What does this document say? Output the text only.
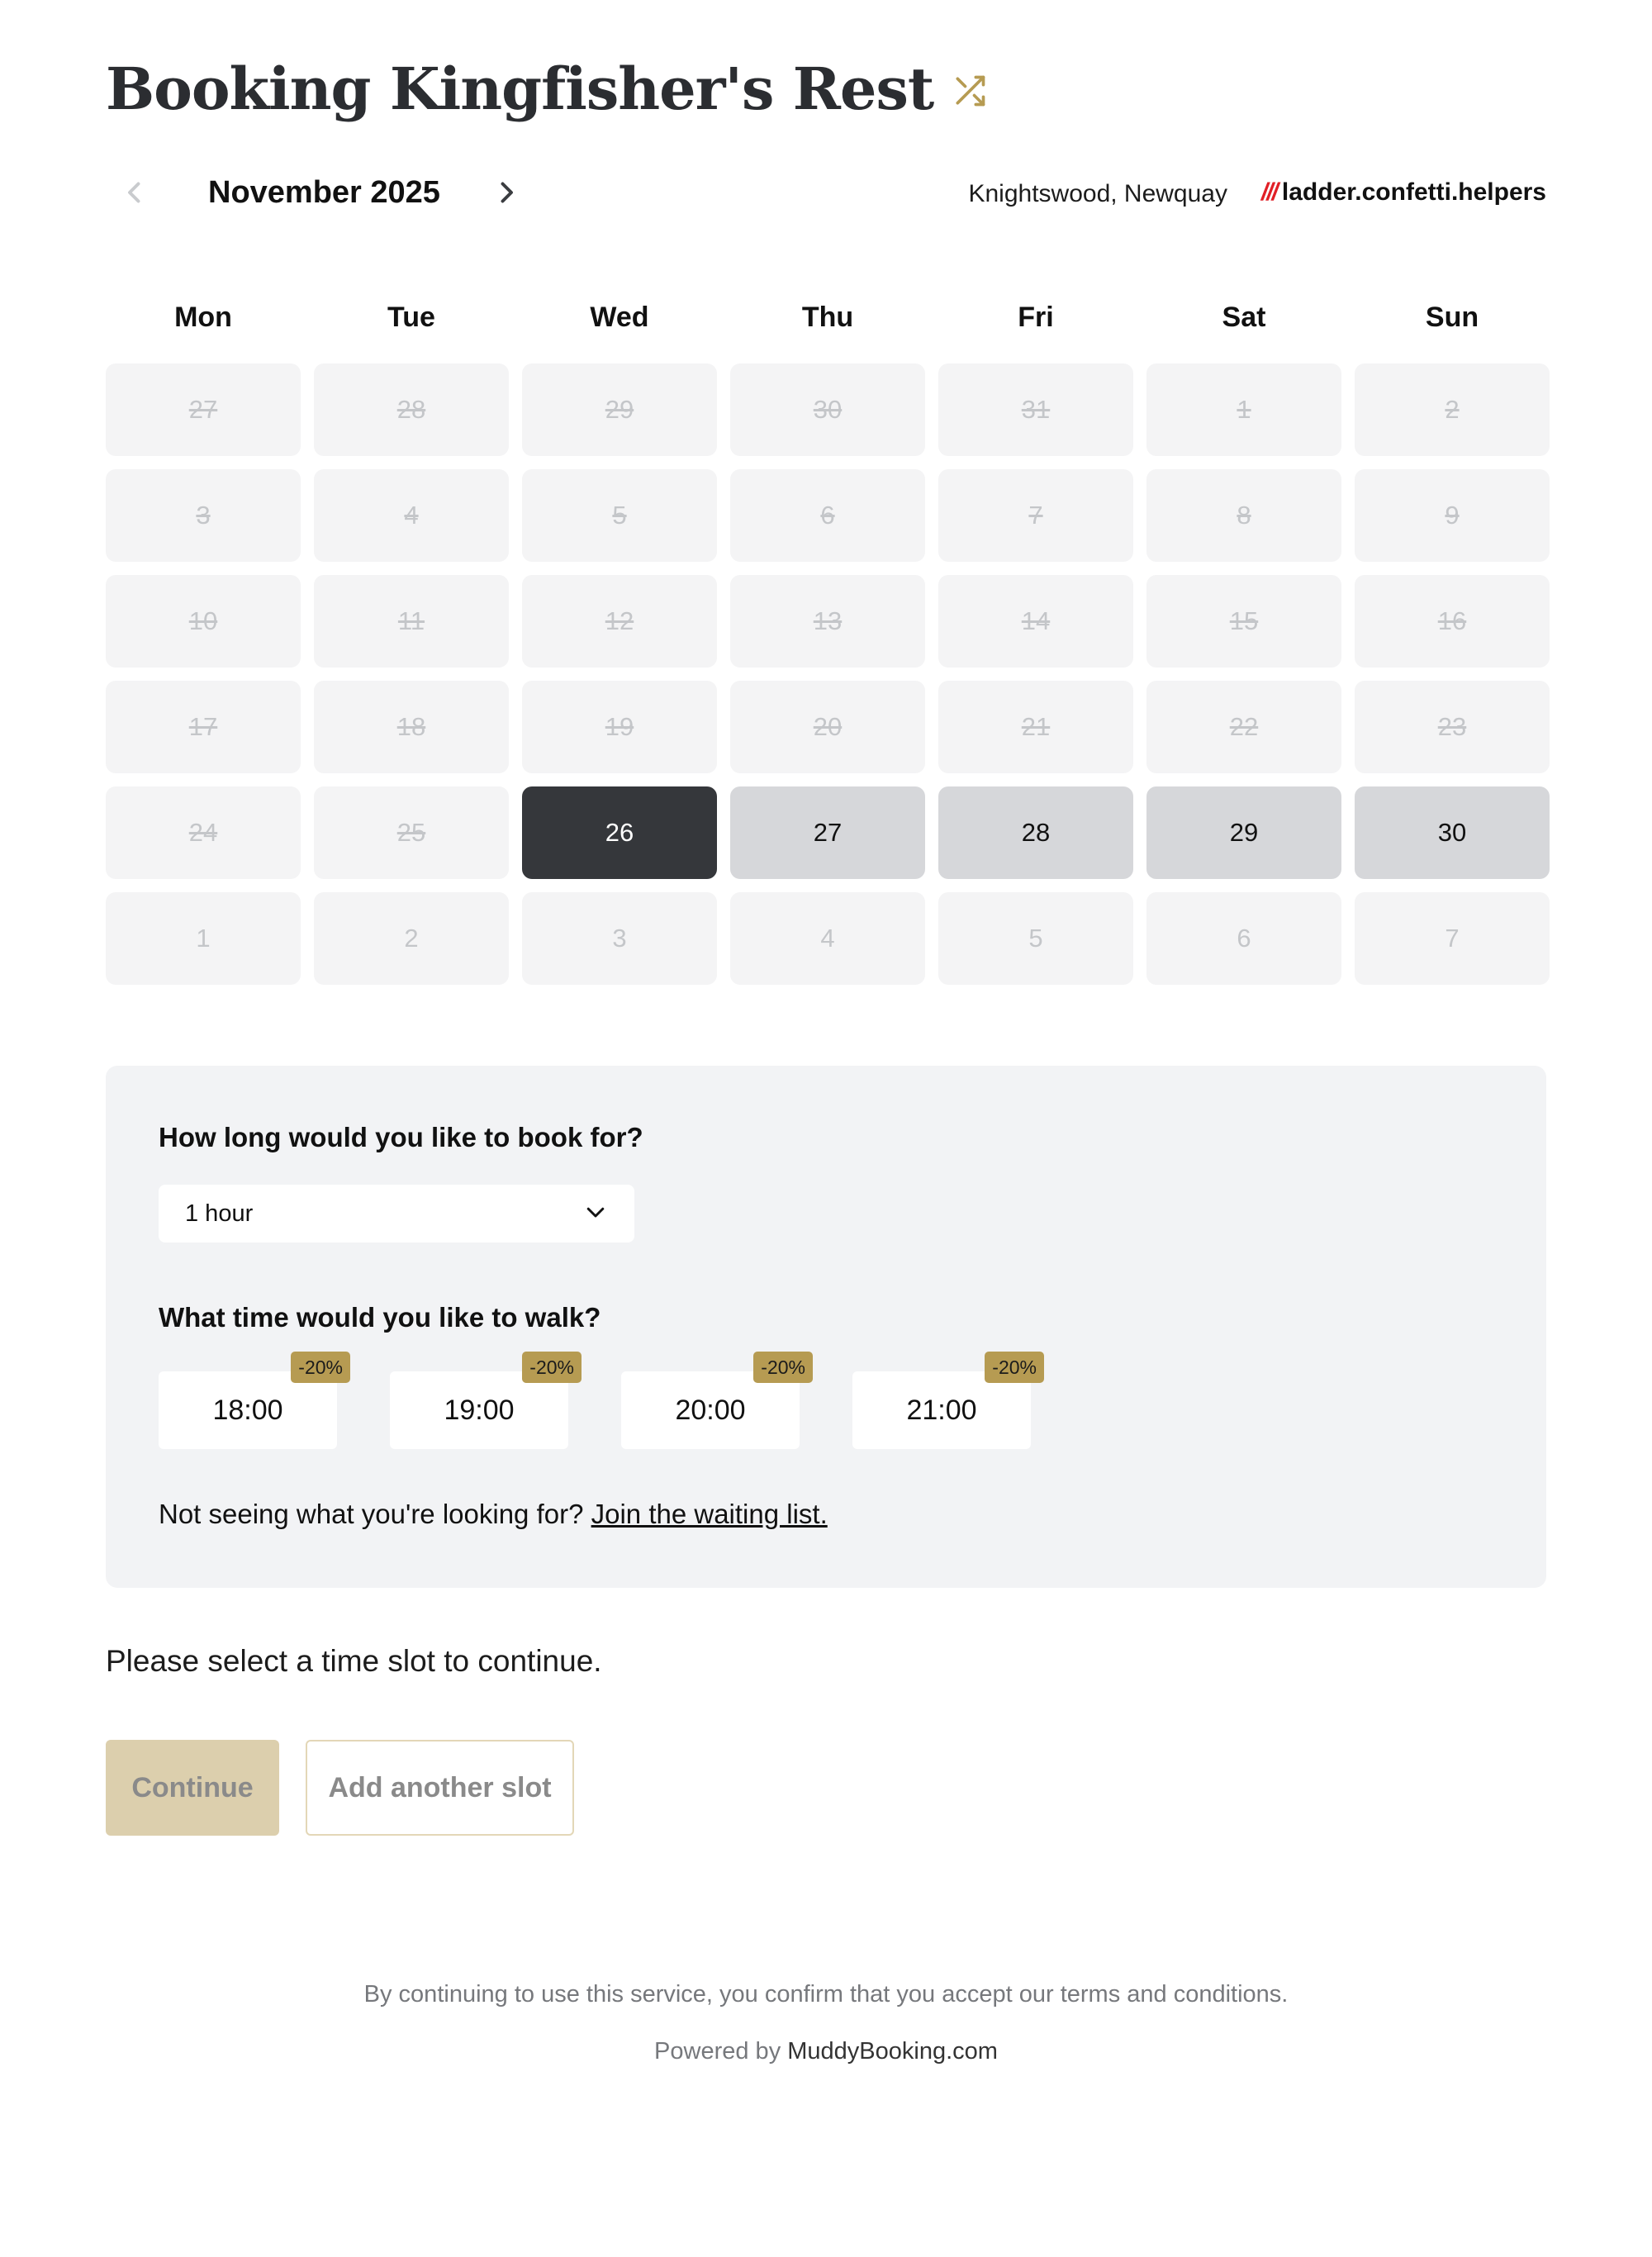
Booking Kingfisher's Rest
November 2025	Knightswood, Newquay /// ladder.confetti.helpers
Mon	Tue	Wed	Thu	Fri	Sat	Sun
27	28	29	30	31	1	2
3	4	5	6	7	8	9
10	11	12	13	14	15	16
17	18	19	20	21	22	23
24	25	26	27	28	29	30
1	2	3	4	5	6	7
How long would you like to book for?
1 hour
What time would you like to walk?
18:00
-20%
19:00
-20%
20:00
-20%
21:00
-20%
Not seeing what you're looking for? Join the waiting list.
Please select a time slot to continue.
Continue	Add another slot

By continuing to use this service, you confirm that you accept our terms and conditions.

Powered by MuddyBooking.com
